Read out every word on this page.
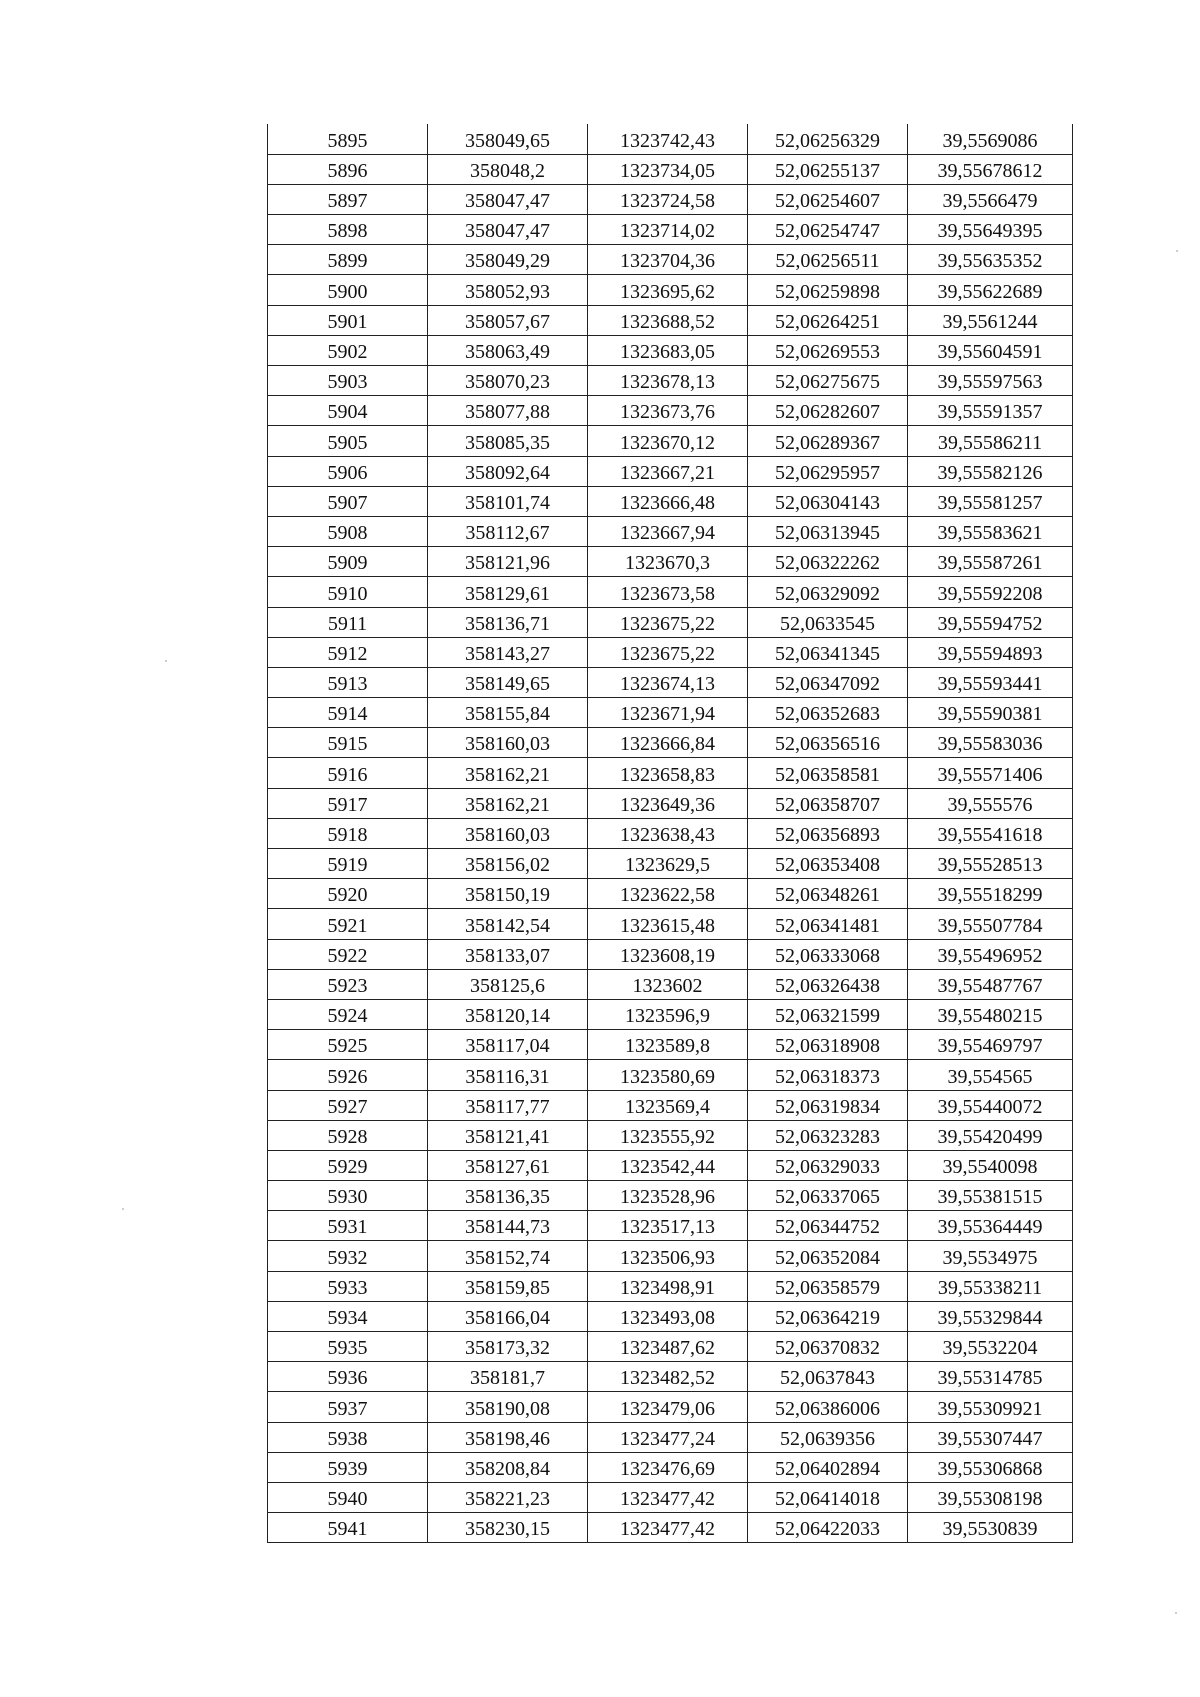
5895	358049,65	1323742,43	52,06256329	39,5569086
5896	358048,2	1323734,05	52,06255137	39,55678612
5897	358047,47	1323724,58	52,06254607	39,5566479
5898	358047,47	1323714,02	52,06254747	39,55649395
5899	358049,29	1323704,36	52,06256511	39,55635352
5900	358052,93	1323695,62	52,06259898	39,55622689
5901	358057,67	1323688,52	52,06264251	39,5561244
5902	358063,49	1323683,05	52,06269553	39,55604591
5903	358070,23	1323678,13	52,06275675	39,55597563
5904	358077,88	1323673,76	52,06282607	39,55591357
5905	358085,35	1323670,12	52,06289367	39,55586211
5906	358092,64	1323667,21	52,06295957	39,55582126
5907	358101,74	1323666,48	52,06304143	39,55581257
5908	358112,67	1323667,94	52,06313945	39,55583621
5909	358121,96	1323670,3	52,06322262	39,55587261
5910	358129,61	1323673,58	52,06329092	39,55592208
5911	358136,71	1323675,22	52,0633545	39,55594752
5912	358143,27	1323675,22	52,06341345	39,55594893
5913	358149,65	1323674,13	52,06347092	39,55593441
5914	358155,84	1323671,94	52,06352683	39,55590381
5915	358160,03	1323666,84	52,06356516	39,55583036
5916	358162,21	1323658,83	52,06358581	39,55571406
5917	358162,21	1323649,36	52,06358707	39,555576
5918	358160,03	1323638,43	52,06356893	39,55541618
5919	358156,02	1323629,5	52,06353408	39,55528513
5920	358150,19	1323622,58	52,06348261	39,55518299
5921	358142,54	1323615,48	52,06341481	39,55507784
5922	358133,07	1323608,19	52,06333068	39,55496952
5923	358125,6	1323602	52,06326438	39,55487767
5924	358120,14	1323596,9	52,06321599	39,55480215
5925	358117,04	1323589,8	52,06318908	39,55469797
5926	358116,31	1323580,69	52,06318373	39,554565
5927	358117,77	1323569,4	52,06319834	39,55440072
5928	358121,41	1323555,92	52,06323283	39,55420499
5929	358127,61	1323542,44	52,06329033	39,5540098
5930	358136,35	1323528,96	52,06337065	39,55381515
5931	358144,73	1323517,13	52,06344752	39,55364449
5932	358152,74	1323506,93	52,06352084	39,5534975
5933	358159,85	1323498,91	52,06358579	39,55338211
5934	358166,04	1323493,08	52,06364219	39,55329844
5935	358173,32	1323487,62	52,06370832	39,5532204
5936	358181,7	1323482,52	52,0637843	39,55314785
5937	358190,08	1323479,06	52,06386006	39,55309921
5938	358198,46	1323477,24	52,0639356	39,55307447
5939	358208,84	1323476,69	52,06402894	39,55306868
5940	358221,23	1323477,42	52,06414018	39,55308198
5941	358230,15	1323477,42	52,06422033	39,5530839
